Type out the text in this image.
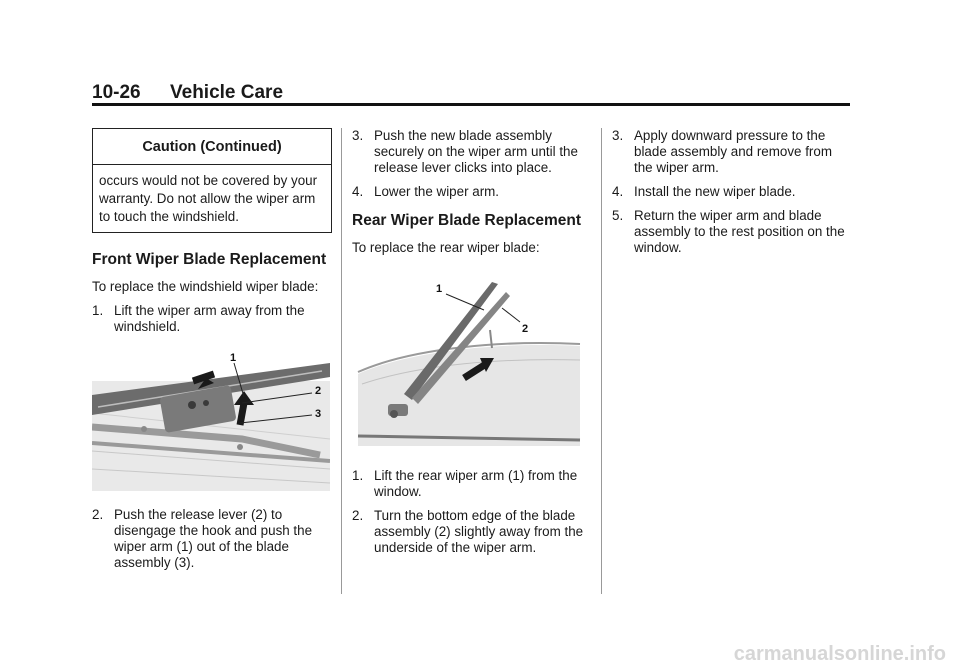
10-26 Vehicle Care
Caution (Continued)
occurs would not be covered by your warranty. Do not allow the wiper arm to touch the windshield.
Front Wiper Blade Replacement

To replace the windshield wiper blade:

1. Lift the wiper arm away from the windshield.
1
2
3
2. Push the release lever (2) to disengage the hook and push the wiper arm (1) out of the blade assembly (3).
3. Push the new blade assembly securely on the wiper arm until the release lever clicks into place.
4. Lower the wiper arm.
Rear Wiper Blade Replacement

To replace the rear wiper blade:

1
2
1. Lift the rear wiper arm (1) from the window.
2. Turn the bottom edge of the blade assembly (2) slightly away from the underside of the wiper arm.
3. Apply downward pressure to the blade assembly and remove from the wiper arm.
4. Install the new wiper blade.
5. Return the wiper arm and blade assembly to the rest position on the window.
carmanualsonline.info
